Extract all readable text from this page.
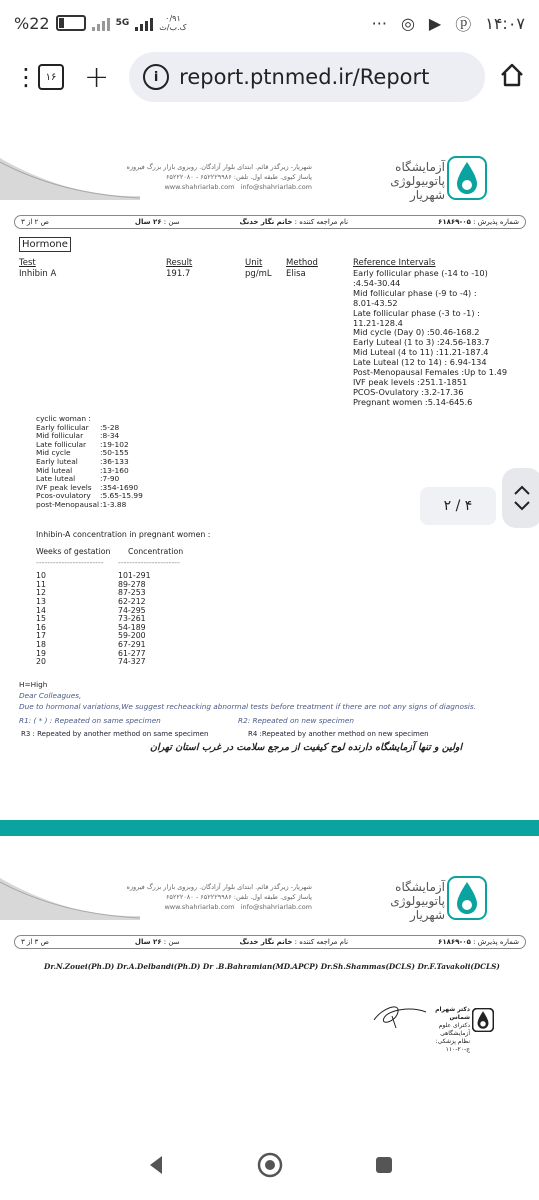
%22	5G	۰/۹۱
ک.ب/ث	··· ◎ ▶ ⓟ ۱۴:۰۷
⋮ ۱۶ +	i report.ptnmed.ir/Report
شهریار- زیرگذر قائم. ابتدای بلوار آزادگان. روبروی بازار بزرگ فیروزه
پاساژ کیوی. طبقه اول. تلفن: ۶۵۲۲۲۹۹۸۶ - ۶۵۲۲۲۰۸۰
www.shahriarlab.com info@shahriarlab.com
آزمایشگاه
پاتوبیولوژی
شهریار
شماره پذیرش : ۰۵-۶۱۸۶۹
نام مراجعه کننده : خانم نگار خدنگ
سن : ۲۶ سال
ص ۲ از ۳
Hormone
Test	Result	Unit	Method	Reference Intervals
Inhibin A	191.7	pg/mL Elisa	Early follicular phase (-14 to -10)
:4.54-30.44
Mid follicular phase (-9 to -4) :
8.01-43.52
Late follicular phase (-3 to -1) :
11.21-128.4
Mid cycle (Day 0) :50.46-168.2
Early Luteal (1 to 3) :24.56-183.7
Mid Luteal (4 to 11) :11.21-187.4
Late Luteal (12 to 14) : 6.94-134
Post-Menopausal Females :Up to 1.49
IVF peak levels :251.1-1851
PCOS-Ovulatory :3.2-17.36
Pregnant women :5.14-645.6
cyclic woman :
Early follicular	:5-28
Mid follicular	:8-34
Late follicular	:19-102
Mid cycle	:50-155
Early luteal	:36-133
Mid luteal	:13-160
Late luteal	:7-90
IVF peak levels	:354-1690
Pcos-ovulatory	:5.65-15.99
post-Menopausal :1-3.88
Inhibin-A concentration in pregnant women :
Weeks of gestation	Concentration
------------------------	----------------------
10	101-291
11	89-278
12	87-253
13	62-212
14	74-295
15	73-261
16	54-189
17	59-200
18	67-291
19	61-277
20	74-327
H=High
Dear Colleagues,
Due to hormonal variations,We suggest recheacking abnormal tests before treatment if there are not any signs of diagnosis.
R1: ( * ) : Repeated on same specimen	R2: Repeated on new specimen
R3 : Repeated by another method on same specimen	R4 :Repeated by another method on new specimen
اولین و تنها آزمایشگاه دارنده لوح کیفیت از مرجع سلامت در غرب استان تهران
۲ / ۴
شهریار- زیرگذر قائم. ابتدای بلوار آزادگان. روبروی بازار بزرگ فیروزه
پاساژ کیوی. طبقه اول. تلفن: ۶۵۲۲۲۹۹۸۶ - ۶۵۲۲۲۰۸۰
www.shahriarlab.com info@shahriarlab.com
آزمایشگاه
پاتوبیولوژی
شهریار
شماره پذیرش : ۰۵-۶۱۸۶۹
نام مراجعه کننده : خانم نگار خدنگ
سن : ۲۶ سال
ص ۳ از ۳
Dr.N.Zouei(Ph.D) Dr.A.Delbandi(Ph.D) Dr .B.Bahramian(MD.APCP) Dr.Sh.Shammas(DCLS) Dr.F.Tavakoli(DCLS)
دکتر شهرام شماس
دکترای علوم آزمایشگاهی
نظام پزشکی: ج-۲۰-۱۱۰
